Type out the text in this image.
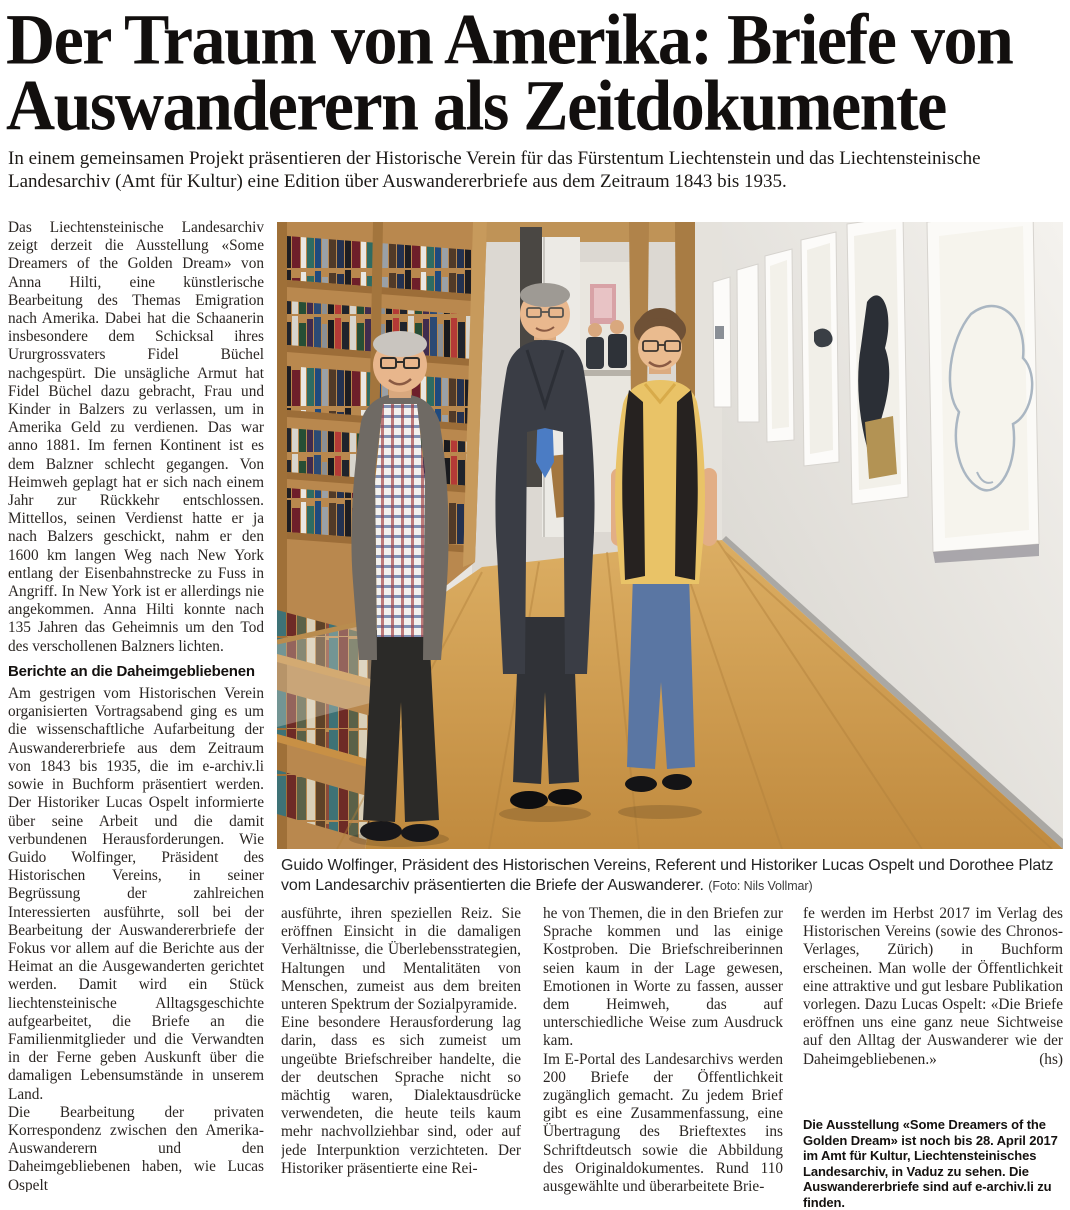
Der Traum von Amerika: Briefe von
Auswanderern als Zeitdokumente
In einem gemeinsamen Projekt präsentieren der Historische Verein für das Fürstentum Liechtenstein und das Liechtensteinische Landesarchiv (Amt für Kultur) eine Edition über Auswandererbriefe aus dem Zeitraum 1843 bis 1935.

Das Liechtensteinische Landesarchiv zeigt derzeit die Ausstellung «Some Dreamers of the Golden Dream» von Anna Hilti, eine künstlerische Bearbeitung des Themas Emigration nach Amerika. Dabei hat die Schaanerin insbesondere dem Schicksal ihres Ururgrossvaters Fidel Büchel nachgespürt. Die unsägliche Armut hat Fidel Büchel dazu gebracht, Frau und Kinder in Balzers zu verlassen, um in Amerika Geld zu verdienen. Das war anno 1881. Im fernen Kontinent ist es dem Balzner schlecht gegangen. Von Heimweh geplagt hat er sich nach einem Jahr zur Rückkehr entschlossen. Mittellos, seinen Verdienst hatte er ja nach Balzers geschickt, nahm er den 1600 km langen Weg nach New York entlang der Eisenbahnstrecke zu Fuss in Angriff. In New York ist er allerdings nie angekommen. Anna Hilti konnte nach 135 Jahren das Geheimnis um den Tod des verschollenen Balzners lichten.

Berichte an die Daheimgebliebenen

Am gestrigen vom Historischen Verein organisierten Vortragsabend ging es um die wissenschaftliche Aufarbeitung der Auswandererbriefe aus dem Zeitraum von 1843 bis 1935, die im e-archiv.li sowie in Buchform präsentiert werden. Der Historiker Lucas Ospelt informierte über seine Arbeit und die damit verbundenen Herausforderungen. Wie Guido Wolfinger, Präsident des Historischen Vereins, in seiner Begrüssung der zahlreichen Interessierten ausführte, soll bei der Bearbeitung der Auswandererbriefe der Fokus vor allem auf die Berichte aus der Heimat an die Ausgewanderten gerichtet werden. Damit wird ein Stück liechtensteinische Alltagsgeschichte aufgearbeitet, die Briefe an die Familienmitglieder und die Verwandten in der Ferne geben Auskunft über die damaligen Lebensumstände in unserem Land.

Die Bearbeitung der privaten Korrespondenz zwischen den Amerika-Auswanderern und den Daheimgebliebenen haben, wie Lucas Ospelt

Guido Wolfinger, Präsident des Historischen Vereins, Referent und Historiker Lucas Ospelt und Dorothee Platz vom Landesarchiv präsentierten die Briefe der Auswanderer. (Foto: Nils Vollmar)

ausführte, ihren speziellen Reiz. Sie eröffnen Einsicht in die damaligen Verhältnisse, die Überlebensstrategien, Haltungen und Mentalitäten von Menschen, zumeist aus dem breiten unteren Spektrum der Sozialpyramide.

Eine besondere Herausforderung lag darin, dass es sich zumeist um ungeübte Briefschreiber handelte, die der deutschen Sprache nicht so mächtig waren, Dialektausdrücke verwendeten, die heute teils kaum mehr nachvollziehbar sind, oder auf jede Interpunktion verzichteten. Der Historiker präsentierte eine Rei-

he von Themen, die in den Briefen zur Sprache kommen und las einige Kostproben. Die Briefschreiberinnen seien kaum in der Lage gewesen, Emotionen in Worte zu fassen, ausser dem Heimweh, das auf unterschiedliche Weise zum Ausdruck kam.

Im E-Portal des Landesarchivs werden 200 Briefe der Öffentlichkeit zugänglich gemacht. Zu jedem Brief gibt es eine Zusammenfassung, eine Übertragung des Brieftextes ins Schriftdeutsch sowie die Abbildung des Originaldokumentes. Rund 110 ausgewählte und überarbeitete Brie-

fe werden im Herbst 2017 im Verlag des Historischen Vereins (sowie des Chronos-Verlages, Zürich) in Buchform erscheinen. Man wolle der Öffentlichkeit eine attraktive und gut lesbare Publikation vorlegen. Dazu Lucas Ospelt: «Die Briefe eröffnen uns eine ganz neue Sichtweise auf den Alltag der Auswanderer wie der Daheimgebliebenen.»	(hs)

Die Ausstellung «Some Dreamers of the Golden Dream» ist noch bis 28. April 2017 im Amt für Kultur, Liechtensteinisches Landesarchiv, in Vaduz zu sehen. Die Auswandererbriefe sind auf e-archiv.li zu finden.
